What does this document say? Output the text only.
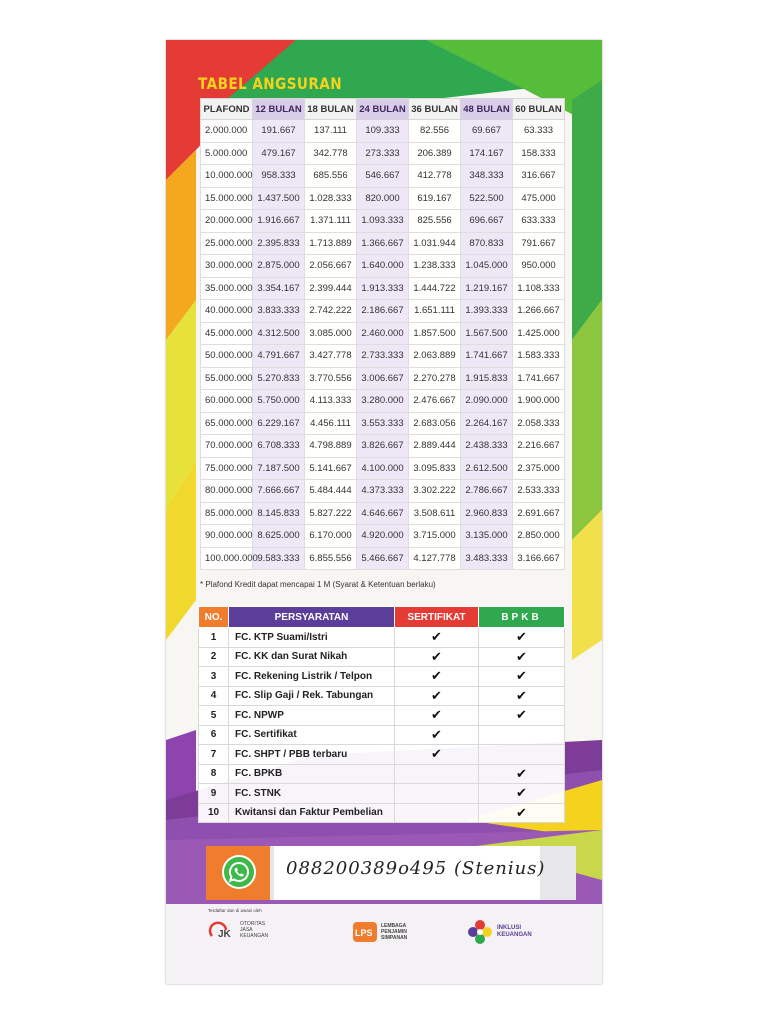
TABEL ANGSURAN
PLAFOND	12 BULAN	18 BULAN	24 BULAN	36 BULAN	48 BULAN	60 BULAN
2.000.000	191.667	137.111	109.333	82.556	69.667	63.333
5.000.000	479.167	342.778	273.333	206.389	174.167	158.333
10.000.000	958.333	685.556	546.667	412.778	348.333	316.667
15.000.000	1.437.500	1.028.333	820.000	619.167	522.500	475.000
20.000.000	1.916.667	1.371.111	1.093.333	825.556	696.667	633.333
25.000.000	2.395.833	1.713.889	1.366.667	1.031.944	870.833	791.667
30.000.000	2.875.000	2.056.667	1.640.000	1.238.333	1.045.000	950.000
35.000.000	3.354.167	2.399.444	1.913.333	1.444.722	1.219.167	1.108.333
40.000.000	3.833.333	2.742.222	2.186.667	1.651.111	1.393.333	1.266.667
45.000.000	4.312.500	3.085.000	2.460.000	1.857.500	1.567.500	1.425.000
50.000.000	4.791.667	3.427.778	2.733.333	2.063.889	1.741.667	1.583.333
55.000.000	5.270.833	3.770.556	3.006.667	2.270.278	1.915.833	1.741.667
60.000.000	5.750.000	4.113.333	3.280.000	2.476.667	2.090.000	1.900.000
65.000.000	6.229.167	4.456.111	3.553.333	2.683.056	2.264.167	2.058.333
70.000.000	6.708.333	4.798.889	3.826.667	2.889.444	2.438.333	2.216.667
75.000.000	7.187.500	5.141.667	4.100.000	3.095.833	2.612.500	2.375.000
80.000.000	7.666.667	5.484.444	4.373.333	3.302.222	2.786.667	2.533.333
85.000.000	8.145.833	5.827.222	4.646.667	3.508.611	2.960.833	2.691.667
90.000.000	8.625.000	6.170.000	4.920.000	3.715.000	3.135.000	2.850.000
100.000.000	9.583.333	6.855.556	5.466.667	4.127.778	3.483.333	3.166.667
* Plafond Kredit dapat mencapai 1 M (Syarat & Ketentuan berlaku)
NO.	PERSYARATAN	SERTIFIKAT	BPKB
1	FC. KTP Suami/Istri	✔	✔
2	FC. KK dan Surat Nikah	✔	✔
3	FC. Rekening Listrik / Telpon	✔	✔
4	FC. Slip Gaji / Rek. Tabungan	✔	✔
5	FC. NPWP	✔	✔
6	FC. Sertifikat	✔	
7	FC. SHPT / PBB terbaru	✔	
8	FC. BPKB		✔
9	FC. STNK		✔
10	Kwitansi dan Faktur Pembelian		✔
088200389o495 (Stenius)
Terdaftar dan di awasi oleh
JK
OTORITAS JASA KEUANGAN	LPS
LEMBAGA PENJAMIN SIMPANAN
INKLUSI KEUANGAN
